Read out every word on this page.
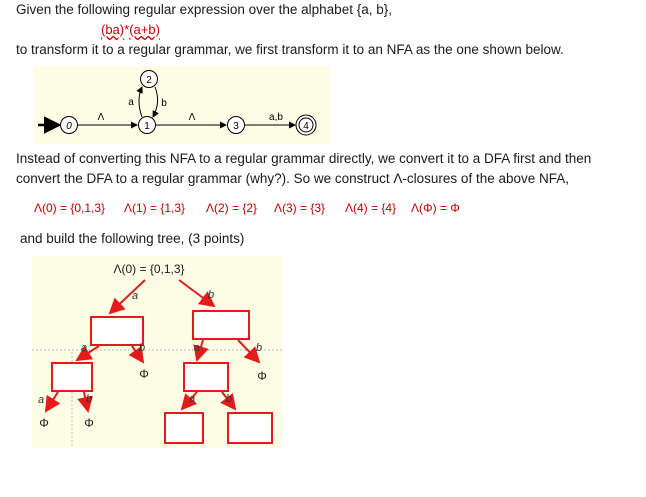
Given the following regular expression over the alphabet {a, b},
(ba)*(a+b)
to transform it to a regular grammar, we first transform it to an NFA as the one shown below.
0
Λ
1
2
a	b
Λ
3
a,b
4
Instead of converting this NFA to a regular grammar directly, we convert it to a DFA first and then
convert the DFA to a regular grammar (why?). So we construct Λ-closures of the above NFA,
Λ(0) = {0,1,3} Λ(1) = {1,3} Λ(2) = {2} Λ(3) = {3} Λ(4) = {4} Λ(Φ) = Φ
and build the following tree, (3 points)
Λ(0) = {0,1,3}
a	b
a	b
Φ
a	b
Φ
a
Φ
b
Φ
a	b
